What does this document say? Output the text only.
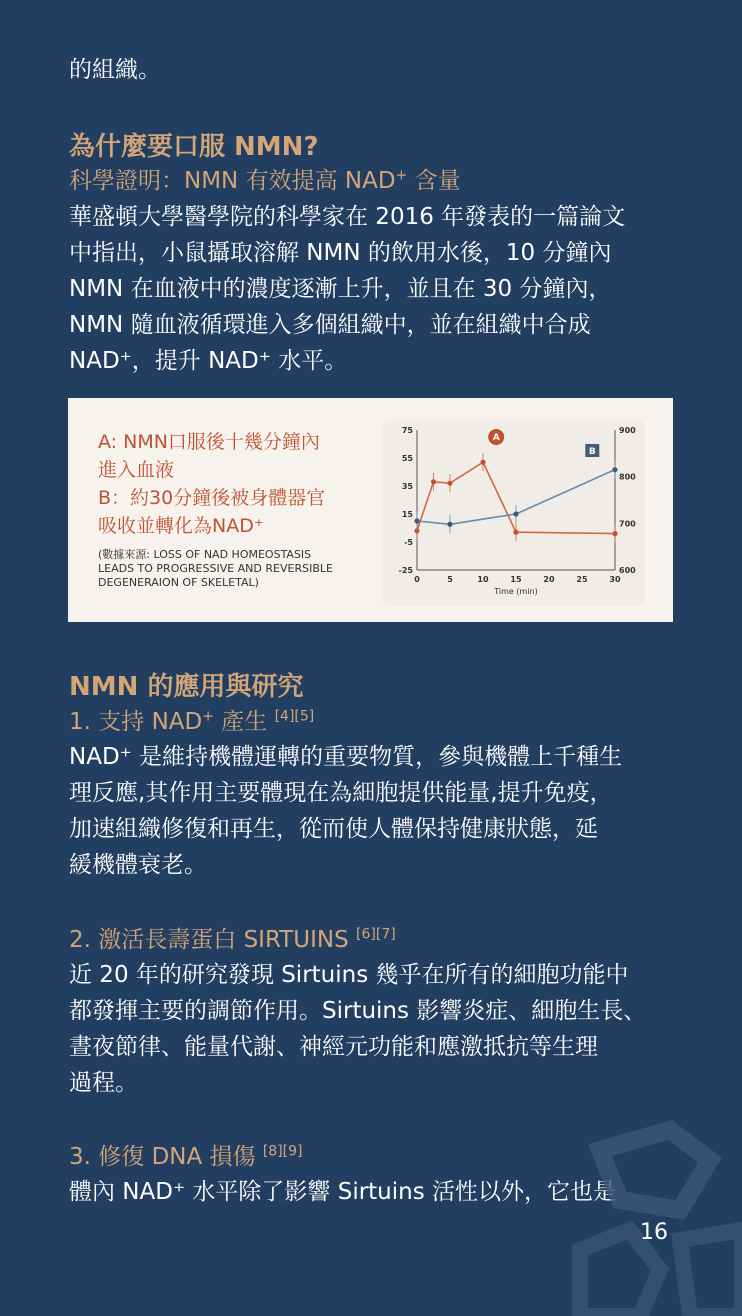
的組織。
為什麼要口服 NMN?
科學證明：NMN 有效提高 NAD+ 含量
華盛頓大學醫學院的科學家在 2016 年發表的一篇論文
中指出，小鼠攝取溶解 NMN 的飲用水後，10 分鐘內
NMN 在血液中的濃度逐漸上升，並且在 30 分鐘內，
NMN 隨血液循環進入多個組織中，並在組織中合成
NAD⁺，提升 NAD⁺ 水平。
A: NMN口服後十幾分鐘內
進入血液
B：約30分鐘後被身體器官
吸收並轉化為NAD⁺
(數據來源: LOSS OF NAD HOMEOSTASIS
LEADS TO PROGRESSIVE AND REVERSIBLE
DEGENERAION OF SKELETAL)
75
55
35
15
-5
-25
900
800
700
600
0	5	10	15	20	25	30
Time (min)
A
B
NMN 的應用與研究
1. 支持 NAD+ 產生 [4][5]
NAD⁺ 是維持機體運轉的重要物質，參與機體上千種生
理反應,其作用主要體現在為細胞提供能量,提升免疫，
加速組織修復和再生，從而使人體保持健康狀態，延
緩機體衰老。
2. 激活長壽蛋白 SIRTUINS [6][7]
近 20 年的研究發現 Sirtuins 幾乎在所有的細胞功能中
都發揮主要的調節作用。Sirtuins 影響炎症、細胞生長、
晝夜節律、能量代謝、神經元功能和應激抵抗等生理
過程。
3. 修復 DNA 損傷 [8][9]
體內 NAD⁺ 水平除了影響 Sirtuins 活性以外，它也是
16
